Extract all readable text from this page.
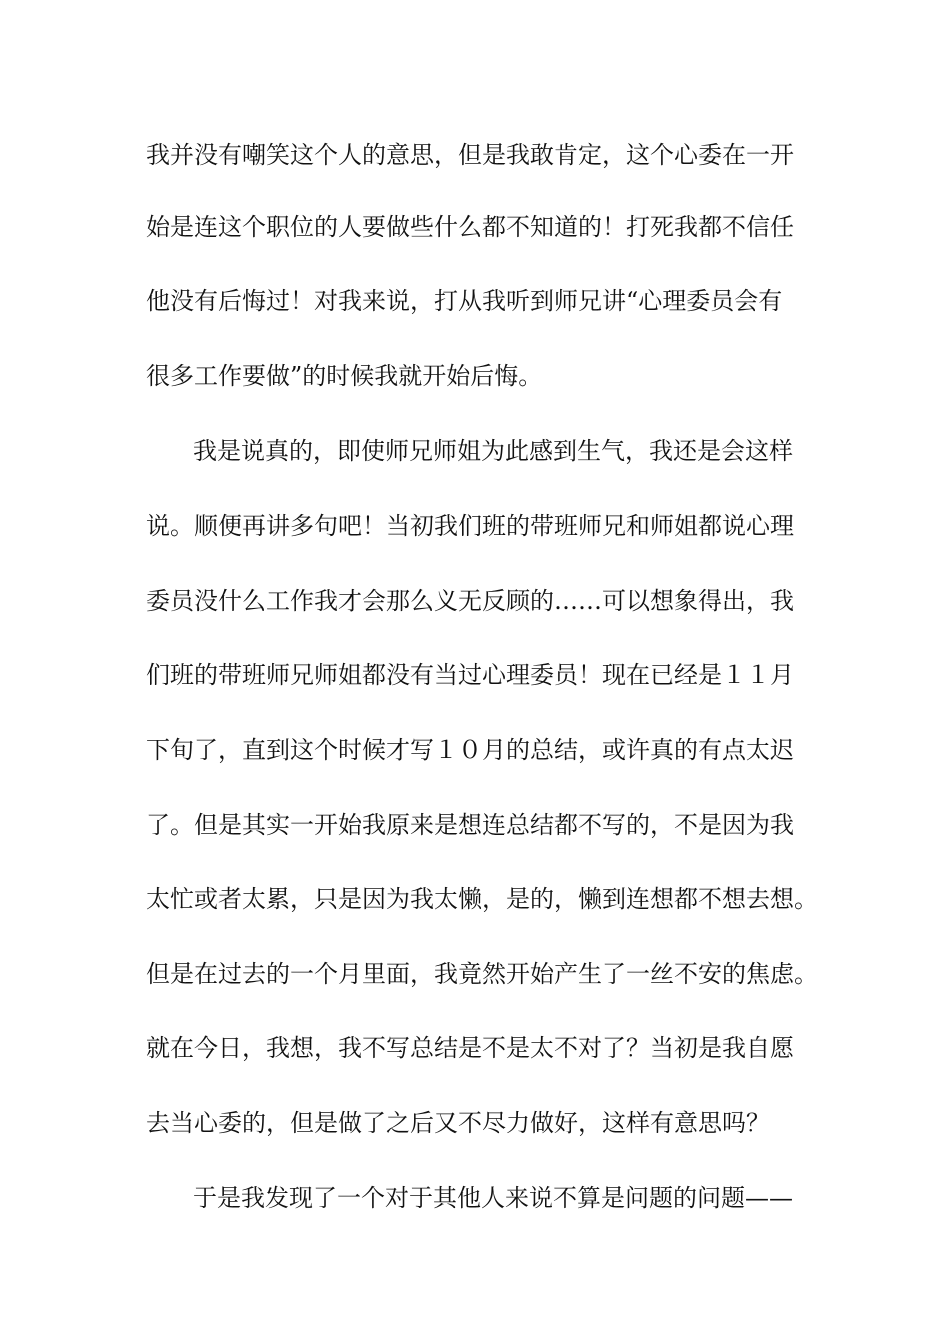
我并没有嘲笑这个人的意思，但是我敢肯定，这个心委在一开
始是连这个职位的人要做些什么都不知道的！打死我都不信任
他没有后悔过！对我来说，打从我听到师兄讲“心理委员会有
很多工作要做”的时候我就开始后悔。
我是说真的，即使师兄师姐为此感到生气，我还是会这样
说。顺便再讲多句吧！当初我们班的带班师兄和师姐都说心理
委员没什么工作我才会那么义无反顾的……可以想象得出，我
们班的带班师兄师姐都没有当过心理委员！现在已经是１１月
下旬了，直到这个时候才写１０月的总结，或许真的有点太迟
了。但是其实一开始我原来是想连总结都不写的，不是因为我
太忙或者太累，只是因为我太懒，是的，懒到连想都不想去想。
但是在过去的一个月里面，我竟然开始产生了一丝不安的焦虑。
就在今日，我想，我不写总结是不是太不对了？当初是我自愿
去当心委的，但是做了之后又不尽力做好，这样有意思吗？
于是我发现了一个对于其他人来说不算是问题的问题——
